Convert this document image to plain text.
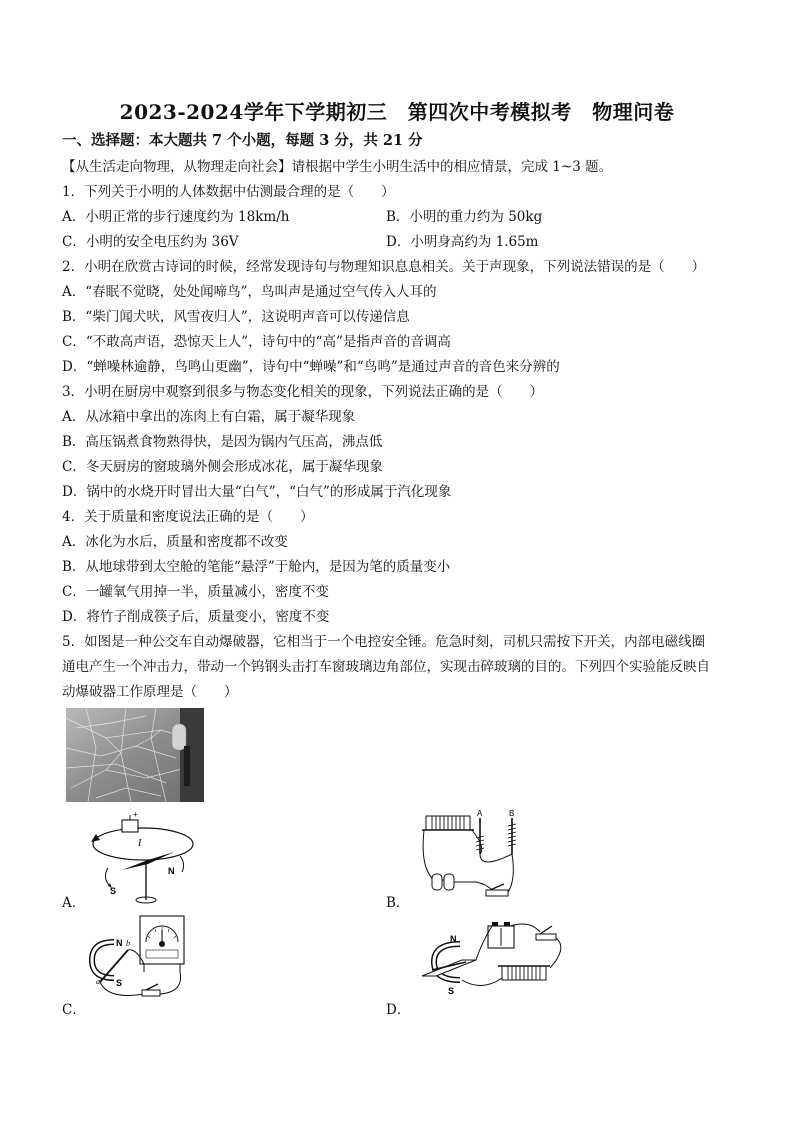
2023-2024学年下学期初三　第四次中考模拟考　物理问卷
一、选择题：本大题共 7 个小题，每题 3 分，共 21 分
【从生活走向物理，从物理走向社会】请根据中学生小明生活中的相应情景，完成 1~3 题。
1．下列关于小明的人体数据中估测最合理的是（　　）
A．小明正常的步行速度约为 18km/h	B．小明的重力约为 50kg
C．小明的安全电压约为 36V	D．小明身高约为 1.65m
2．小明在欣赏古诗词的时候，经常发现诗句与物理知识息息相关。关于声现象，下列说法错误的是（　　）
A．“春眠不觉晓，处处闻啼鸟”，鸟叫声是通过空气传入人耳的
B．“柴门闻犬吠，风雪夜归人”，这说明声音可以传递信息
C．“不敢高声语，恐惊天上人”，诗句中的“高”是指声音的音调高
D．“蝉噪林逾静，鸟鸣山更幽”，诗句中“蝉噪”和“鸟鸣”是通过声音的音色来分辨的
3．小明在厨房中观察到很多与物态变化相关的现象，下列说法正确的是（　　）
A．从冰箱中拿出的冻肉上有白霜，属于凝华现象
B．高压锅煮食物熟得快，是因为锅内气压高，沸点低
C．冬天厨房的窗玻璃外侧会形成冰花，属于凝华现象
D．锅中的水烧开时冒出大量“白气”，“白气”的形成属于汽化现象
4．关于质量和密度说法正确的是（　　）
A．冰化为水后，质量和密度都不改变
B．从地球带到太空舱的笔能“悬浮”于舱内，是因为笔的质量变小
C．一罐氧气用掉一半，质量减小，密度不变
D．将竹子削成筷子后，质量变小，密度不变
5．如图是一种公交车自动爆破器，它相当于一个电控安全锤。危急时刻，司机只需按下开关，内部电磁线圈
通电产生一个冲击力，带动一个钨钢头击打车窗玻璃边角部位，实现击碎玻璃的目的。下列四个实验能反映自
动爆破器工作原理是（　　）
+
I
S
N
A．
A	B
B．
N
S
a
b
C．
N
S
D．
